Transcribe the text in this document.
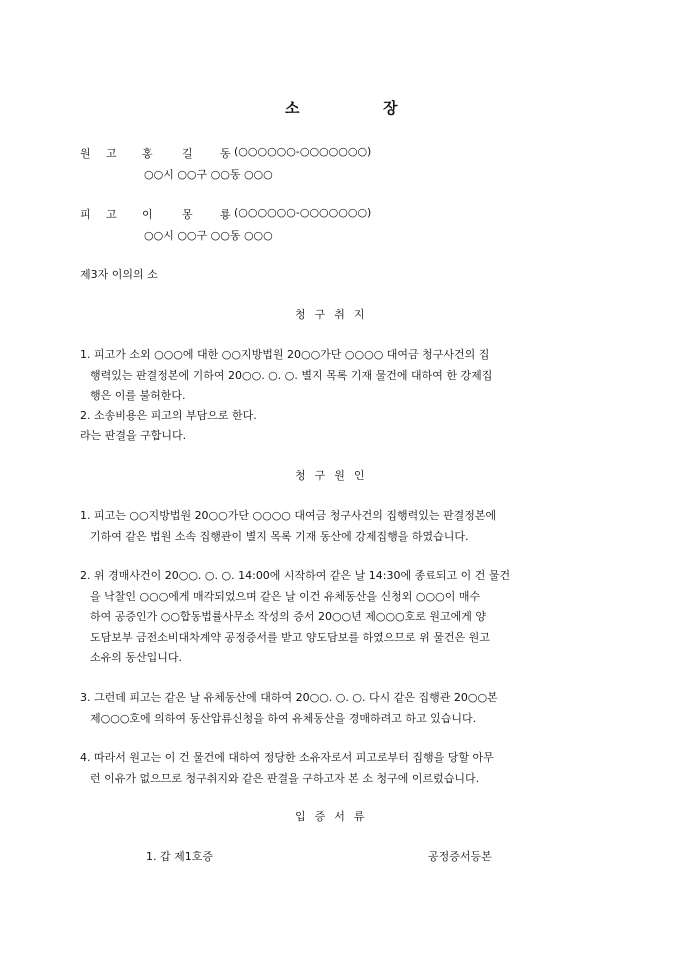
소	장
원 고 홍	길 동 (○○○○○○-○○○○○○○)
○○시 ○○구 ○○동 ○○○
피 고 이	몽 룡 (○○○○○○-○○○○○○○)
○○시 ○○구 ○○동 ○○○
제3자 이의의 소
청구취지
1. 피고가 소외 ○○○에 대한 ○○지방법원 20○○가단 ○○○○ 대여금 청구사건의 집
행력있는 판결정본에 기하여 20○○. ○. ○. 별지 목록 기재 물건에 대하여 한 강제집
행은 이를 불허한다.
2. 소송비용은 피고의 부담으로 한다.
라는 판결을 구합니다.
청구원인
1. 피고는 ○○지방법원 20○○가단 ○○○○ 대여금 청구사건의 집행력있는 판결정본에
기하여 같은 법원 소속 집행관이 별지 목록 기재 동산에 강제집행을 하였습니다.
2. 위 경매사건이 20○○. ○. ○. 14:00에 시작하여 같은 날 14:30에 종료되고 이 건 물건
을 낙찰인 ○○○에게 매각되었으며 같은 날 이건 유체동산을 신청외 ○○○이 매수
하여 공증인가 ○○합동법률사무소 작성의 증서 20○○년 제○○○호로 원고에게 양
도담보부 금전소비대차계약 공정증서를 받고 양도담보를 하였으므로 위 물건은 원고
소유의 동산입니다.
3. 그런데 피고는 같은 날 유체동산에 대하여 20○○. ○. ○. 다시 같은 집행관 20○○본
제○○○호에 의하여 동산압류신청을 하여 유체동산을 경매하려고 하고 있습니다.
4. 따라서 원고는 이 건 물건에 대하여 정당한 소유자로서 피고로부터 집행을 당할 아무
런 이유가 없으므로 청구취지와 같은 판결을 구하고자 본 소 청구에 이르렀습니다.
입증서류
1. 갑 제1호증	공정증서등본
